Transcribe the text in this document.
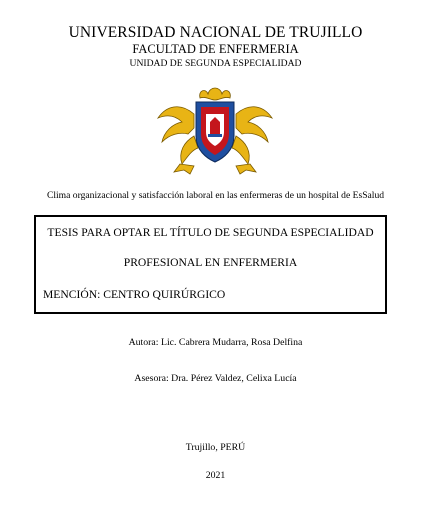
UNIVERSIDAD NACIONAL DE TRUJILLO
FACULTAD DE ENFERMERIA
UNIDAD DE SEGUNDA ESPECIALIDAD
Clima organizacional y satisfacción laboral en las enfermeras de un hospital de EsSalud
TESIS PARA OPTAR EL TÍTULO DE SEGUNDA ESPECIALIDAD
PROFESIONAL EN ENFERMERIA
MENCIÓN: CENTRO QUIRÚRGICO
Autora: Lic. Cabrera Mudarra, Rosa Delfina
Asesora: Dra. Pérez Valdez, Celixa Lucía
Trujillo, PERÚ
2021
